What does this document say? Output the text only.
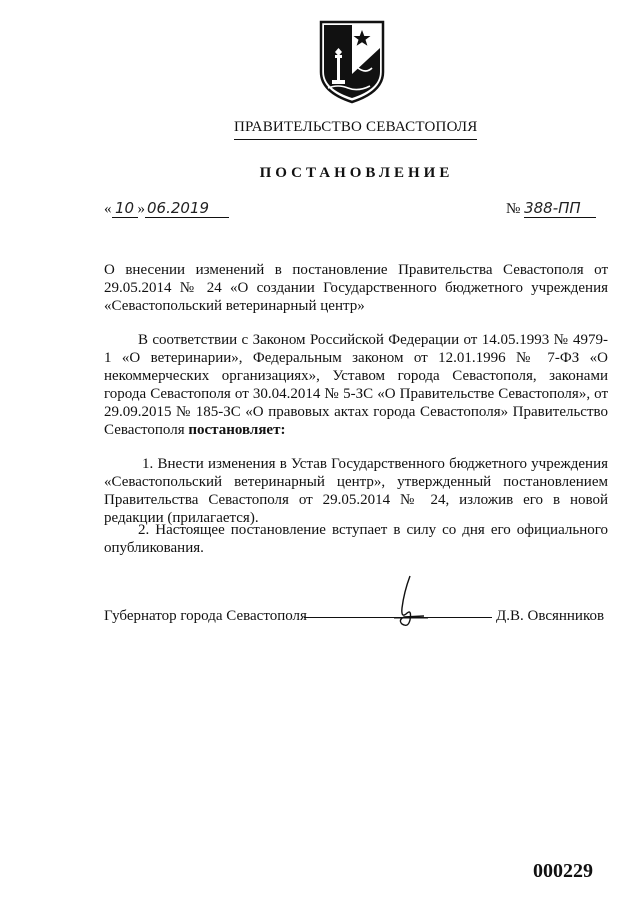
ПРАВИТЕЛЬСТВО СЕВАСТОПОЛЯ
ПОСТАНОВЛЕНИЕ
« 10 » 06.2019	№ 388-ПП
О внесении изменений в постановление Правительства Севастополя от 29.05.2014 № 24 «О создании Государственного бюджетного учреждения «Севастопольский ветеринарный центр»
В соответствии с Законом Российской Федерации от 14.05.1993 № 4979-1 «О ветеринарии», Федеральным законом от 12.01.1996 № 7-ФЗ «О некоммерческих организациях», Уставом города Севастополя, законами города Севастополя от 30.04.2014 № 5-ЗС «О Правительстве Севастополя», от 29.09.2015 № 185-ЗС «О правовых актах города Севастополя» Правительство Севастополя постановляет:
1. Внести изменения в Устав Государственного бюджетного учреждения «Севастопольский ветеринарный центр», утвержденный постановлением Правительства Севастополя от 29.05.2014 № 24, изложив его в новой редакции (прилагается).
2. Настоящее постановление вступает в силу со дня его официального опубликования.
Губернатор города Севастополя	Д.В. Овсянников
000229
